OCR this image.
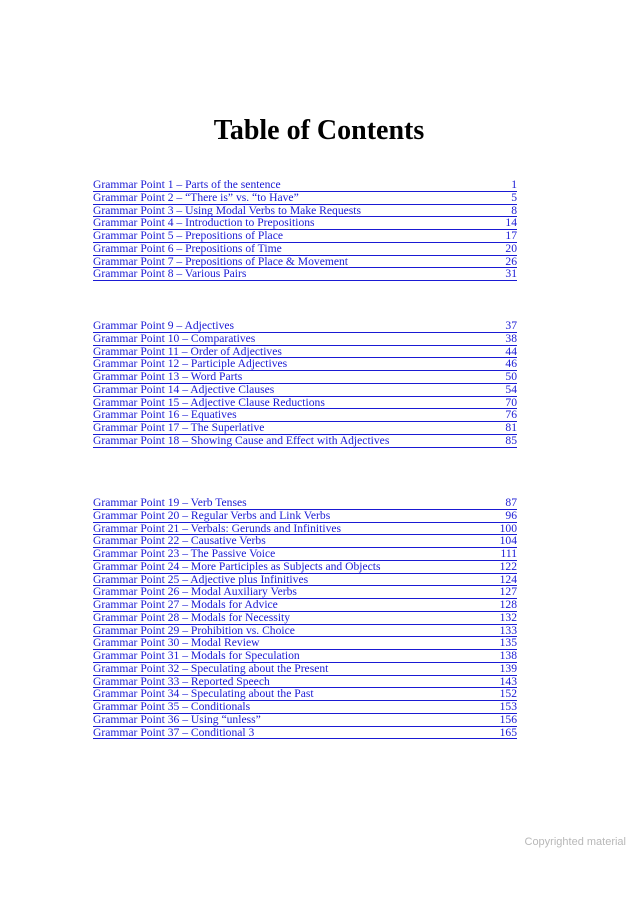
Table of Contents
Grammar Point 1 – Parts of the sentence	1
Grammar Point 2 – “There is” vs. “to Have”	5
Grammar Point 3 – Using Modal Verbs to Make Requests	8
Grammar Point 4 – Introduction to Prepositions	14
Grammar Point 5 – Prepositions of Place	17
Grammar Point 6 – Prepositions of Time	20
Grammar Point 7 – Prepositions of Place & Movement	26
Grammar Point 8 – Various Pairs	31
Grammar Point 9 – Adjectives	37
Grammar Point 10 – Comparatives	38
Grammar Point 11 – Order of Adjectives	44
Grammar Point 12 – Participle Adjectives	46
Grammar Point 13 – Word Parts	50
Grammar Point 14 – Adjective Clauses	54
Grammar Point 15 – Adjective Clause Reductions	70
Grammar Point 16 – Equatives	76
Grammar Point 17 – The Superlative	81
Grammar Point 18 – Showing Cause and Effect with Adjectives	85
Grammar Point 19 – Verb Tenses	87
Grammar Point 20 – Regular Verbs and Link Verbs	96
Grammar Point 21 – Verbals: Gerunds and Infinitives	100
Grammar Point 22 – Causative Verbs	104
Grammar Point 23 – The Passive Voice	111
Grammar Point 24 – More Participles as Subjects and Objects	122
Grammar Point 25 – Adjective plus Infinitives	124
Grammar Point 26 – Modal Auxiliary Verbs	127
Grammar Point 27 – Modals for Advice	128
Grammar Point 28 – Modals for Necessity	132
Grammar Point 29 – Prohibition vs. Choice	133
Grammar Point 30 – Modal Review	135
Grammar Point 31 – Modals for Speculation	138
Grammar Point 32 – Speculating about the Present	139
Grammar Point 33 – Reported Speech	143
Grammar Point 34 – Speculating about the Past	152
Grammar Point 35 – Conditionals	153
Grammar Point 36 – Using “unless”	156
Grammar Point 37 – Conditional 3	165
Copyrighted material
